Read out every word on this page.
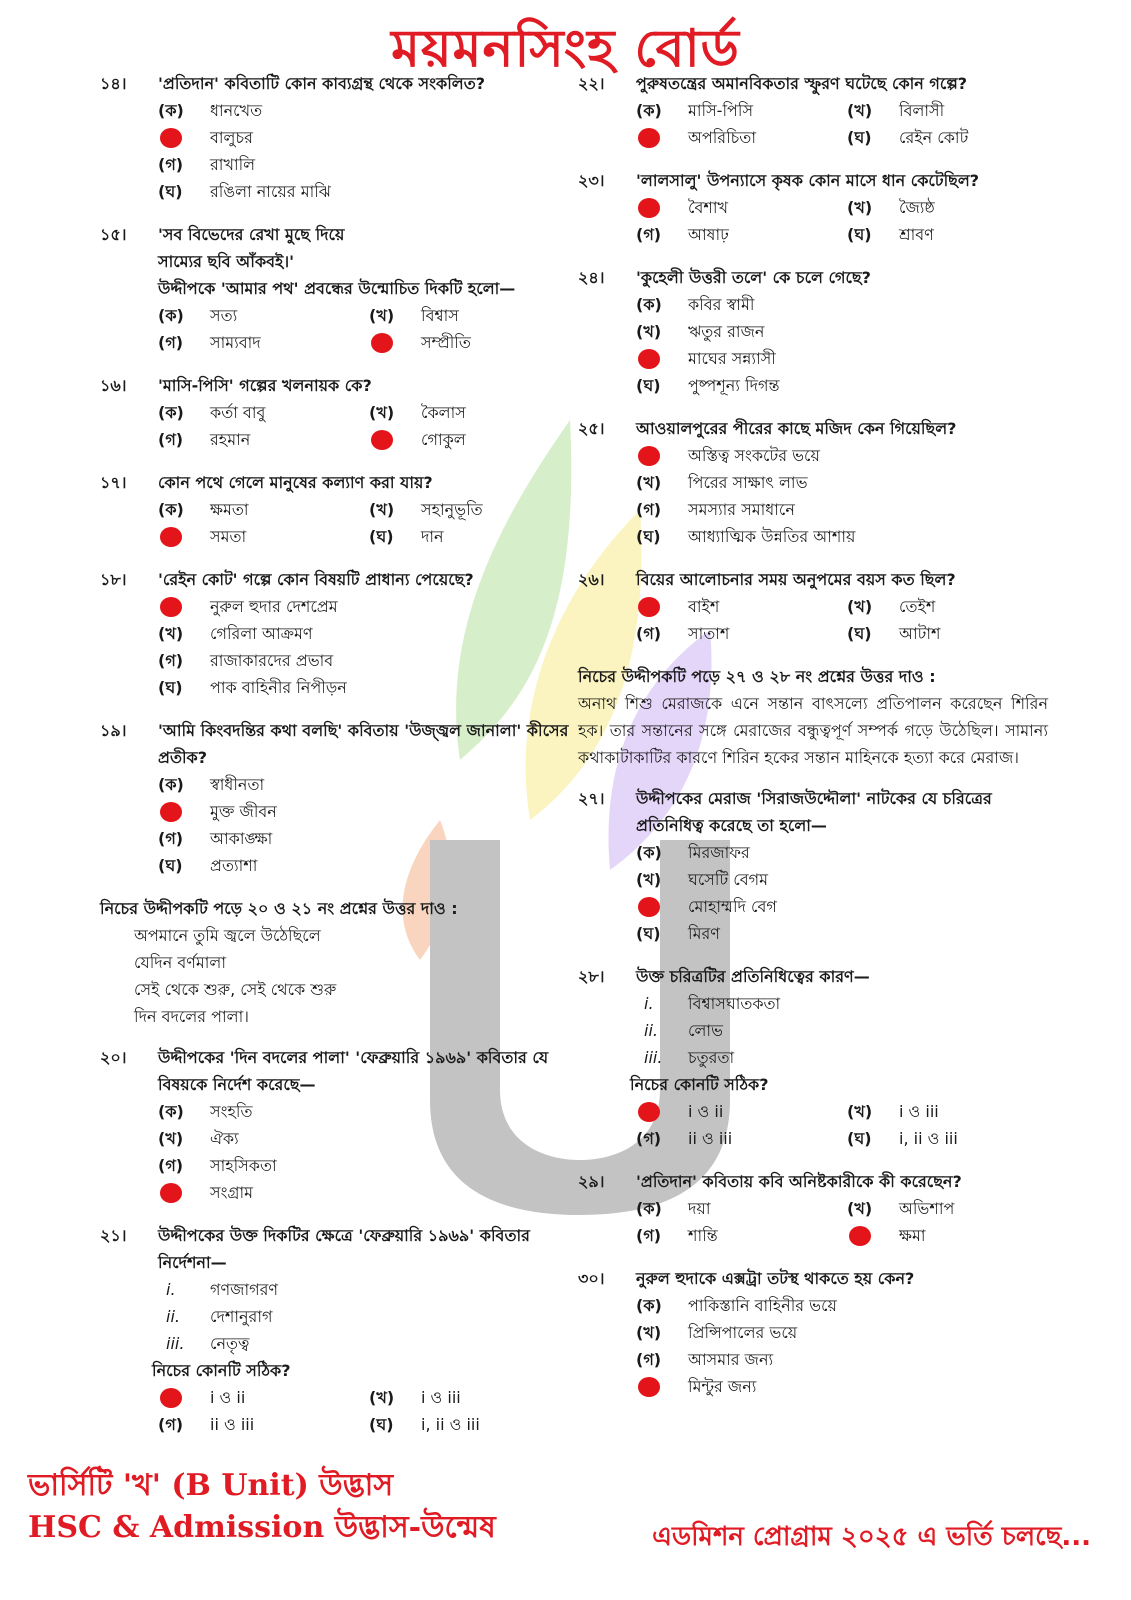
ময়মনসিংহ বোর্ড
১৪। 'প্রতিদান' কবিতাটি কোন কাব্যগ্রন্থ থেকে সংকলিত?
(ক)	ধানখেত
বালুচর
(গ)	রাখালি
(ঘ)	রঙিলা নায়ের মাঝি
১৫। 'সব বিভেদের রেখা মুছে দিয়ে
সাম্যের ছবি আঁকবই।'
উদ্দীপকে 'আমার পথ' প্রবন্ধের উন্মোচিত দিকটি হলো—
(ক)	সত্য	(খ)	বিশ্বাস
(গ)	সাম্যবাদ	সম্প্রীতি
১৬। 'মাসি-পিসি' গল্পের খলনায়ক কে?
(ক)	কর্তা বাবু	(খ)	কৈলাস
(গ)	রহমান	গোকুল
১৭। কোন পথে গেলে মানুষের কল্যাণ করা যায়?
(ক)	ক্ষমতা	(খ)	সহানুভূতি
সমতা	(ঘ)	দান
১৮। 'রেইন কোট' গল্পে কোন বিষয়টি প্রাধান্য পেয়েছে?
নুরুল হুদার দেশপ্রেম
(খ)	গেরিলা আক্রমণ
(গ)	রাজাকারদের প্রভাব
(ঘ)	পাক বাহিনীর নিপীড়ন
১৯। 'আমি কিংবদন্তির কথা বলছি' কবিতায় 'উজ্জ্বল জানালা' কীসের প্রতীক?
(ক)	স্বাধীনতা
মুক্ত জীবন
(গ)	আকাঙ্ক্ষা
(ঘ)	প্রত্যাশা
নিচের উদ্দীপকটি পড়ে ২০ ও ২১ নং প্রশ্নের উত্তর দাও :
অপমানে তুমি জ্বলে উঠেছিলে
যেদিন বর্ণমালা
সেই থেকে শুরু, সেই থেকে শুরু
দিন বদলের পালা।
২০। উদ্দীপকের 'দিন বদলের পালা' 'ফেব্রুয়ারি ১৯৬৯' কবিতার যে বিষয়কে নির্দেশ করেছে—
(ক)	সংহতি
(খ)	ঐক্য
(গ)	সাহসিকতা
সংগ্রাম
২১। উদ্দীপকের উক্ত দিকটির ক্ষেত্রে 'ফেব্রুয়ারি ১৯৬৯' কবিতার নির্দেশনা—
i. গণজাগরণ
ii. দেশানুরাগ
iii. নেতৃত্ব
নিচের কোনটি সঠিক?
i ও ii	(খ)	i ও iii
(গ)	ii ও iii	(ঘ)	i, ii ও iii
২২। পুরুষতন্ত্রের অমানবিকতার স্ফুরণ ঘটেছে কোন গল্পে?
(ক)	মাসি-পিসি	(খ)	বিলাসী
অপরিচিতা	(ঘ)	রেইন কোট
২৩। 'লালসালু' উপন্যাসে কৃষক কোন মাসে ধান কেটেছিল?
বৈশাখ	(খ)	জ্যৈষ্ঠ
(গ)	আষাঢ়	(ঘ)	শ্রাবণ
২৪। 'কুহেলী উত্তরী তলে' কে চলে গেছে?
(ক)	কবির স্বামী
(খ)	ঋতুর রাজন
মাঘের সন্ন্যাসী
(ঘ)	পুষ্পশূন্য দিগন্ত
২৫। আওয়ালপুরের পীরের কাছে মজিদ কেন গিয়েছিল?
অস্তিত্ব সংকটের ভয়ে
(খ)	পিরের সাক্ষাৎ লাভ
(গ)	সমস্যার সমাধানে
(ঘ)	আধ্যাত্মিক উন্নতির আশায়
২৬। বিয়ের আলোচনার সময় অনুপমের বয়স কত ছিল?
বাইশ	(খ)	তেইশ
(গ)	সাতাশ	(ঘ)	আটাশ
নিচের উদ্দীপকটি পড়ে ২৭ ও ২৮ নং প্রশ্নের উত্তর দাও :
অনাথ শিশু মেরাজকে এনে সন্তান বাৎসল্যে প্রতিপালন করেছেন শিরিন হক। তার সন্তানের সঙ্গে মেরাজের বন্ধুত্বপূর্ণ সম্পর্ক গড়ে উঠেছিল। সামান্য কথাকাটাকাটির কারণে শিরিন হকের সন্তান মাহিনকে হত্যা করে মেরাজ।
২৭। উদ্দীপকের মেরাজ 'সিরাজউদ্দৌলা' নাটকের যে চরিত্রের প্রতিনিধিত্ব করেছে তা হলো—
(ক)	মিরজাফর
(খ)	ঘসেটি বেগম
মোহাম্মদি বেগ
(ঘ)	মিরণ
২৮। উক্ত চরিত্রটির প্রতিনিধিত্বের কারণ—
i. বিশ্বাসঘাতকতা
ii. লোভ
iii. চতুরতা
নিচের কোনটি সঠিক?
i ও ii	(খ)	i ও iii
(গ)	ii ও iii	(ঘ)	i, ii ও iii
২৯। 'প্রতিদান' কবিতায় কবি অনিষ্টকারীকে কী করেছেন?
(ক)	দয়া	(খ)	অভিশাপ
(গ)	শান্তি	ক্ষমা
৩০। নুরুল হুদাকে এক্সট্রা তটস্থ থাকতে হয় কেন?
(ক)	পাকিস্তানি বাহিনীর ভয়ে
(খ)	প্রিন্সিপালের ভয়ে
(গ)	আসমার জন্য
মিন্টুর জন্য
ভার্সিটি 'খ' (B Unit) উদ্ভাস
HSC & Admission উদ্ভাস-উন্মেষ	এডমিশন প্রোগ্রাম ২০২৫ এ ভর্তি চলছে...
